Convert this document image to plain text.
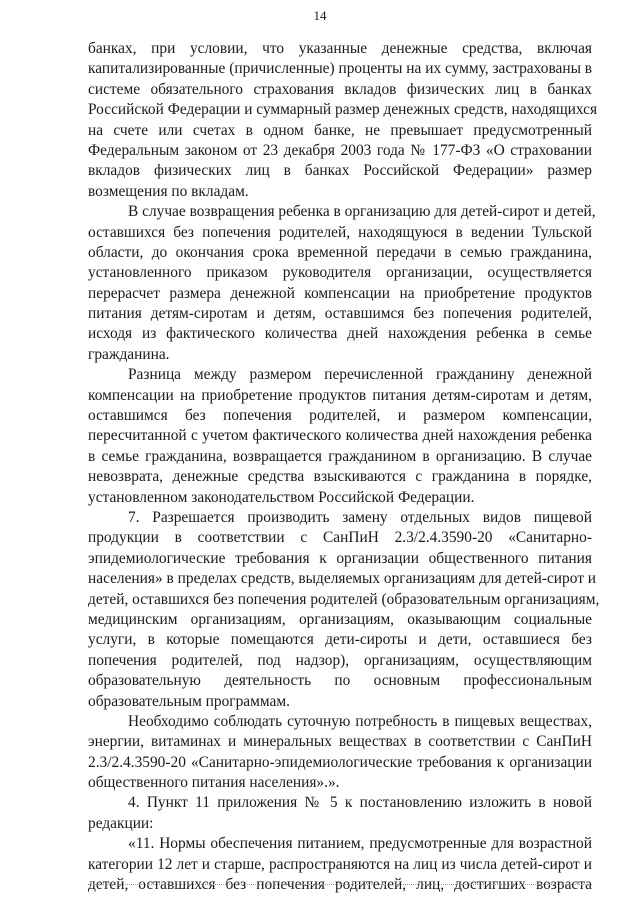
14
банках, при условии, что указанные денежные средства, включая
капитализированные (причисленные) проценты на их сумму, застрахованы в
системе обязательного страхования вкладов физических лиц в банках
Российской Федерации и суммарный размер денежных средств, находящихся
на счете или счетах в одном банке, не превышает предусмотренный
Федеральным законом от 23 декабря 2003 года № 177-ФЗ «О страховании
вкладов физических лиц в банках Российской Федерации» размер
возмещения по вкладам.
В случае возвращения ребенка в организацию для детей-сирот и детей,
оставшихся без попечения родителей, находящуюся в ведении Тульской
области, до окончания срока временной передачи в семью гражданина,
установленного приказом руководителя организации, осуществляется
перерасчет размера денежной компенсации на приобретение продуктов
питания детям-сиротам и детям, оставшимся без попечения родителей,
исходя из фактического количества дней нахождения ребенка в семье
гражданина.
Разница между размером перечисленной гражданину денежной
компенсации на приобретение продуктов питания детям-сиротам и детям,
оставшимся без попечения родителей, и размером компенсации,
пересчитанной с учетом фактического количества дней нахождения ребенка
в семье гражданина, возвращается гражданином в организацию. В случае
невозврата, денежные средства взыскиваются с гражданина в порядке,
установленном законодательством Российской Федерации.
7. Разрешается производить замену отдельных видов пищевой
продукции в соответствии с СанПиН 2.3/2.4.3590-20 «Санитарно-
эпидемиологические требования к организации общественного питания
населения» в пределах средств, выделяемых организациям для детей-сирот и
детей, оставшихся без попечения родителей (образовательным организациям,
медицинским организациям, организациям, оказывающим социальные
услуги, в которые помещаются дети-сироты и дети, оставшиеся без
попечения родителей, под надзор), организациям, осуществляющим
образовательную деятельность по основным профессиональным
образовательным программам.
Необходимо соблюдать суточную потребность в пищевых веществах,
энергии, витаминах и минеральных веществах в соответствии с СанПиН
2.3/2.4.3590-20 «Санитарно-эпидемиологические требования к организации
общественного питания населения».».
4. Пункт 11 приложения № 5 к постановлению изложить в новой
редакции:
«11. Нормы обеспечения питанием, предусмотренные для возрастной
категории 12 лет и старше, распространяются на лиц из числа детей-сирот и
детей, оставшихся без попечения родителей, лиц, достигших возраста
